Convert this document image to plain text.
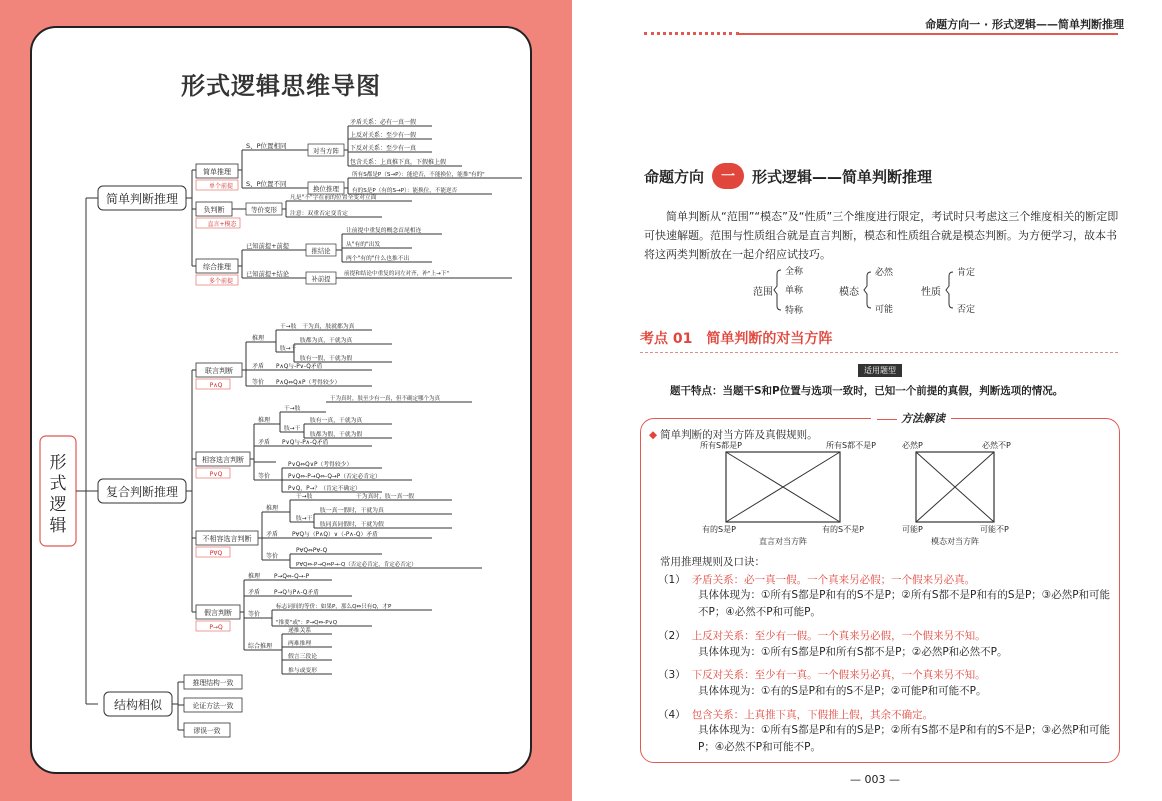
形式逻辑思维导图
形
式
逻
辑
简单判断推理
复合判断推理
结构相似
简单推理
单个前提
负判断
直言+模态
综合推理
多个前提
S、P位置相同
S、P位置不同
对当方阵
矛盾关系：必有一真一假
上反对关系：至少有一假
下反对关系：至少有一真
包含关系：上真推下真，下假推上假
换位推理
所有S都是P（S→P）：能逆否，不能换位，能推"有的"
有的S是P（有的S→P）：能换位，不能逆否
等价变形
凡是"不"字在前的位置全变对立面
注意：双重否定变肯定
已知前提+前提
已知前提+结论
推结论
补前提
让前提中重复的概念首尾相连
从"有的"出发
两个"有的"什么也推不出
前提和结论中重复的词左对齐，补"上→下"
联言判断
P∧Q
相容选言判断
P∨Q
不相容选言判断
P∀Q
假言判断
P→Q
推理
矛盾
等价
干→肢　干为真，肢就都为真
肢→干
肢都为真，干就为真
肢有一假，干就为假
P∧Q与-P∨-Q矛盾
P∧Q⇔Q∧P（考得较少）
推理
矛盾
等价
干→肢
干为真时，肢至少有一真，但不确定哪个为真
肢→干
肢有一真，干就为真
肢都为假，干就为假
P∨Q与-P∧-Q矛盾
P∨Q⇔Q∨P（考得较少）
P∨Q⇔-P→Q⇔-Q→P（否定必肯定）
P∨Q，P→？（肯定不确定）
推理
矛盾
等价
干→肢	干为真时，肢一真一假
肢→干
肢一真一假时，干就为真
肢同真同假时，干就为假
P∀Q与（P∧Q）∨（-P∧-Q）矛盾
P∀Q⇔P∀-Q
P∀Q⇔-P→Q⇔P→-Q（否定必肯定，肯定必否定）
推理
矛盾
等价
综合推理
P→Q⇔-Q→-P
P→Q与P∧-Q矛盾
标志词间的等价：如果P，那么Q⇔只有Q，才P
"推要"或"：P→Q⇔-P∨Q
递推关系
两难推理
假言三段论
推与或变形
推理结构一致
论证方法一致
谬误一致
命题方向一 · 形式逻辑——简单判断推理
命题方向	一	形式逻辑——简单判断推理

简单判断从“范围”“模态”及“性质”三个维度进行限定，考试时只考虑这三个维度相关的断定即可快速解题。范围与性质组合就是直言判断，模态和性质组合就是模态判断。为方便学习，故本书将这两类判断放在一起介绍应试技巧。

范围
全称
单称
特称
模态
必然
可能
性质
肯定
否定
考点 01　简单判断的对当方阵
适用题型
题干特点：当题干S和P位置与选项一致时，已知一个前提的真假，判断选项的情况。
方法解读
◆ 简单判断的对当方阵及真假规则。
所有S都是P	所有S都不是P
有的S是P	有的S不是P
直言对当方阵
必然P	必然不P
可能P	可能不P
模态对当方阵
常用推理规则及口诀：
（1） 矛盾关系：必一真一假。一个真来另必假；一个假来另必真。
具体体现为：①所有S都是P和有的S不是P；②所有S都不是P和有的S是P；③必然P和可能不P；④必然不P和可能P。
（2） 上反对关系：至少有一假。一个真来另必假，一个假来另不知。
具体体现为：①所有S都是P和所有S都不是P；②必然P和必然不P。
（3） 下反对关系：至少有一真。一个假来另必真，一个真来另不知。
具体体现为：①有的S是P和有的S不是P；②可能P和可能不P。
（4） 包含关系：上真推下真，下假推上假，其余不确定。
具体体现为：①所有S都是P和有的S是P；②所有S都不是P和有的S不是P；③必然P和可能P；④必然不P和可能不P。
— 003 —
